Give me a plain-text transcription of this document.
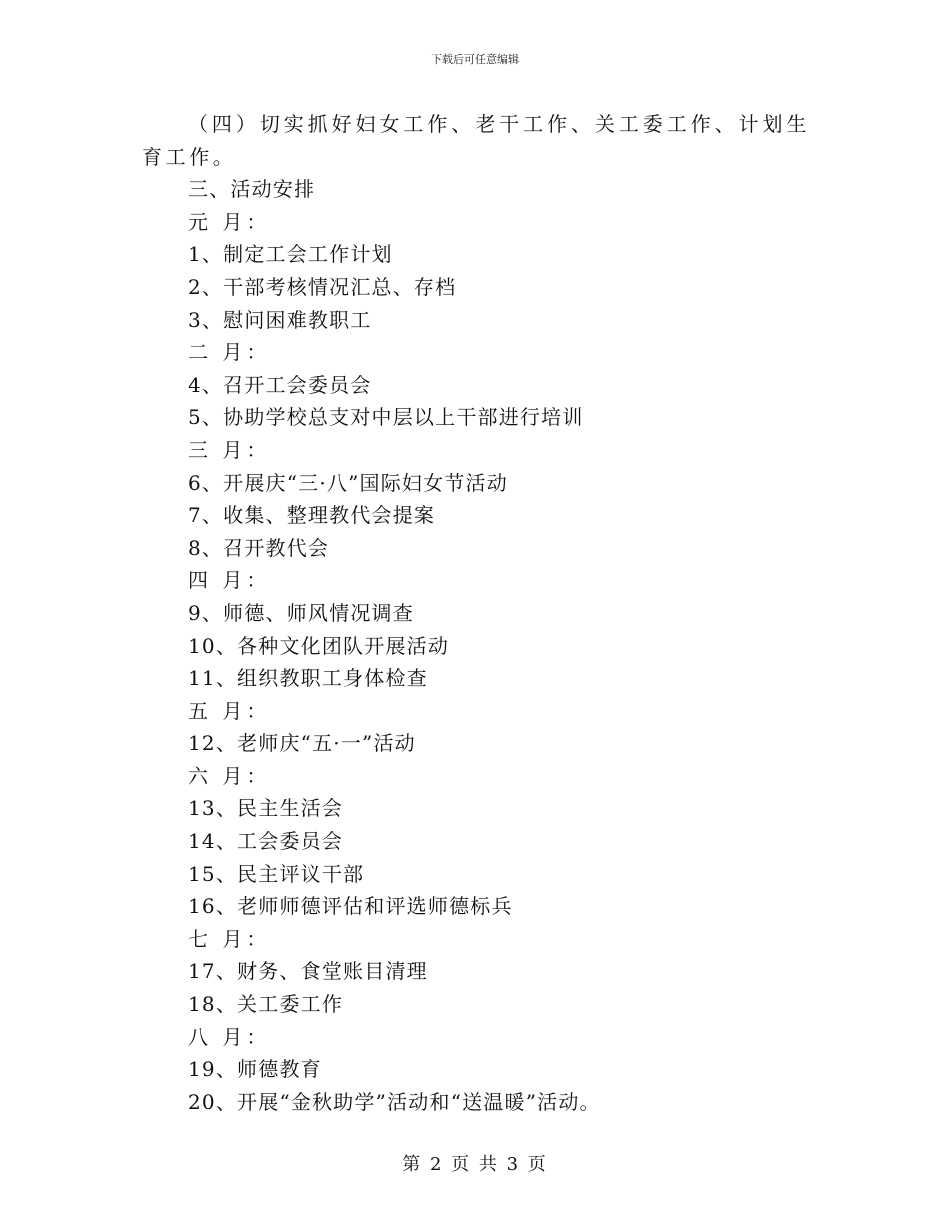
下载后可任意编辑

（四）切实抓好妇女工作、老干工作、关工委工作、计划生育工作。

三、活动安排
元 月：
1、制定工会工作计划
2、干部考核情况汇总、存档
3、慰问困难教职工
二 月：
4、召开工会委员会
5、协助学校总支对中层以上干部进行培训
三 月：
6、开展庆“三·八”国际妇女节活动
7、收集、整理教代会提案
8、召开教代会
四 月：
9、师德、师风情况调查
10、各种文化团队开展活动
11、组织教职工身体检查
五 月：
12、老师庆“五·一”活动
六 月：
13、民主生活会
14、工会委员会
15、民主评议干部
16、老师师德评估和评选师德标兵
七 月：
17、财务、食堂账目清理
18、关工委工作
八 月：
19、师德教育
20、开展“金秋助学”活动和“送温暖”活动。
第 2 页 共 3 页
